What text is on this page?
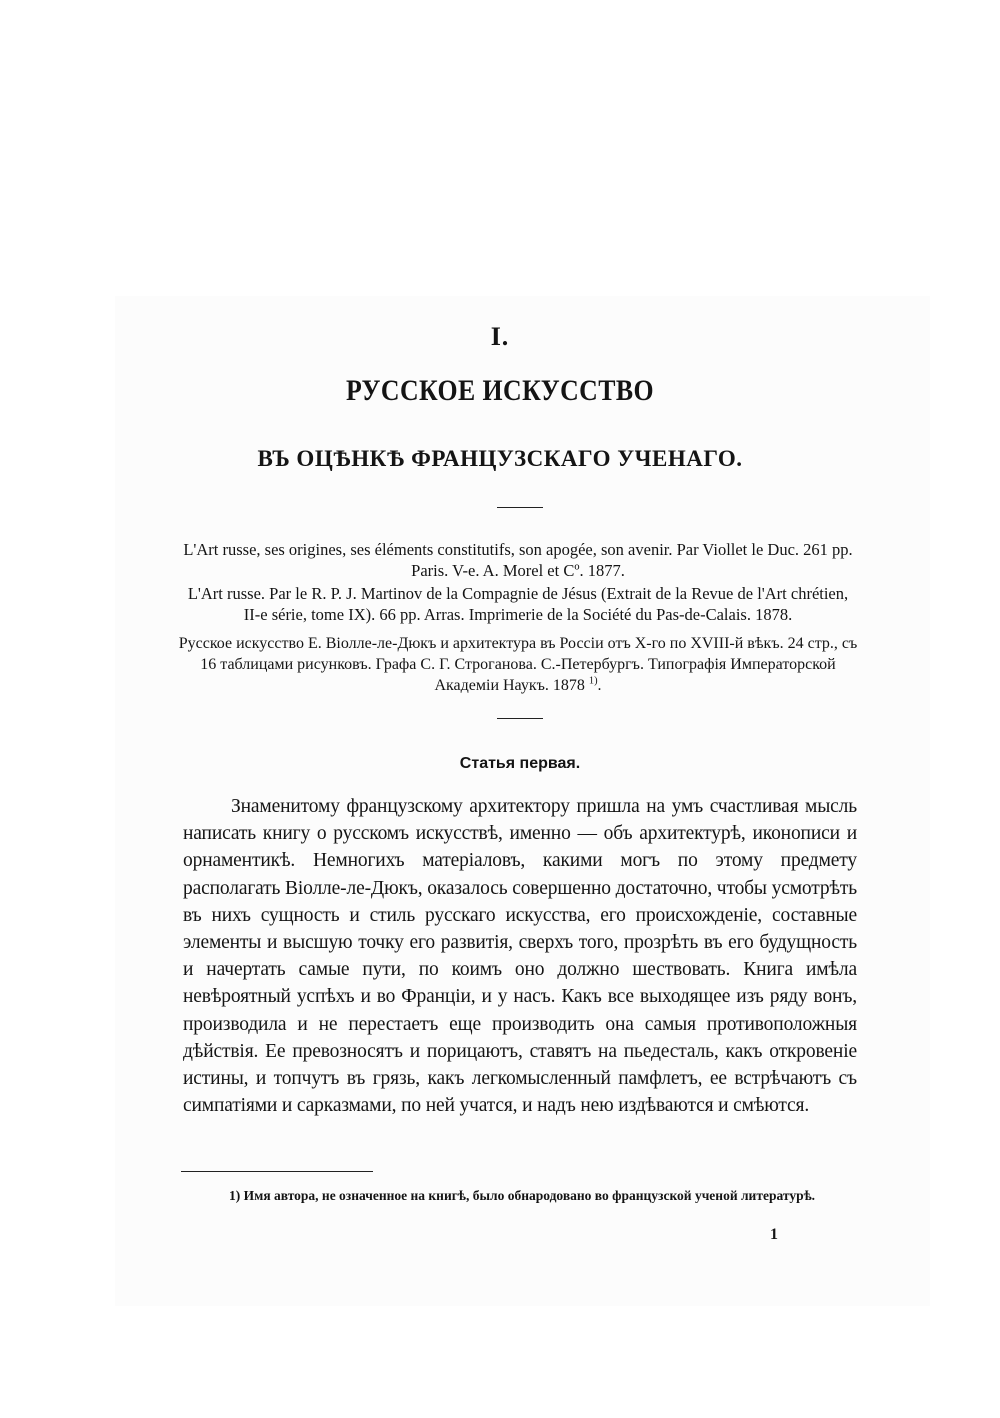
I.
РУССКОЕ ИСКУССТВО
ВЪ ОЦѢНКѢ ФРАНЦУЗСКАГО УЧЕНАГО.
L'Art russe, ses origines, ses éléments constitutifs, son apogée, son avenir. Par Viollet le Duc. 261 pp. Paris. V-e. A. Morel et Cº. 1877.
L'Art russe. Par le R. P. J. Martinov de la Compagnie de Jésus (Extrait de la Revue de l'Art chrétien, II-e série, tome IX). 66 pp. Arras. Imprimerie de la Société du Pas-de-Calais. 1878.
Русское искусство Е. Віолле-ле-Дюкъ и архитектура въ Россіи отъ X-го по XVIII-й вѣкъ. 24 стр., съ 16 таблицами рисунковъ. Графа С. Г. Строганова. С.-Петербургъ. Типографія Императорской Академіи Наукъ. 1878 $^{1)}$.
Статья первая.

Знаменитому французскому архитектору пришла на умъ счастливая мысль написать книгу о русскомъ искусствѣ, именно — объ архитектурѣ, иконописи и орнаментикѣ. Немногихъ матеріаловъ, какими могъ по этому предмету располагать Віолле-ле-Дюкъ, оказалось совершенно достаточно, чтобы усмотрѣть въ нихъ сущность и стиль русскаго искусства, его происхожденіе, составные элементы и высшую точку его развитія, сверхъ того, прозрѣть въ его будущность и начертать самые пути, по коимъ оно должно шествовать. Книга имѣла невѣроятный успѣхъ и во Франціи, и у насъ. Какъ все выходящее изъ ряду вонъ, производила и не перестаетъ еще производить она самыя противоположныя дѣйствія. Ее превозносятъ и порицаютъ, ставятъ на пьедесталь, какъ откровеніе истины, и топчутъ въ грязь, какъ легкомысленный памфлетъ, ее встрѣчаютъ съ симпатіями и сарказмами, по ней учатся, и надъ нею издѣваются и смѣются.

1) Имя автора, не означенное на книгѣ, было обнародовано во французской ученой литературѣ.

1
